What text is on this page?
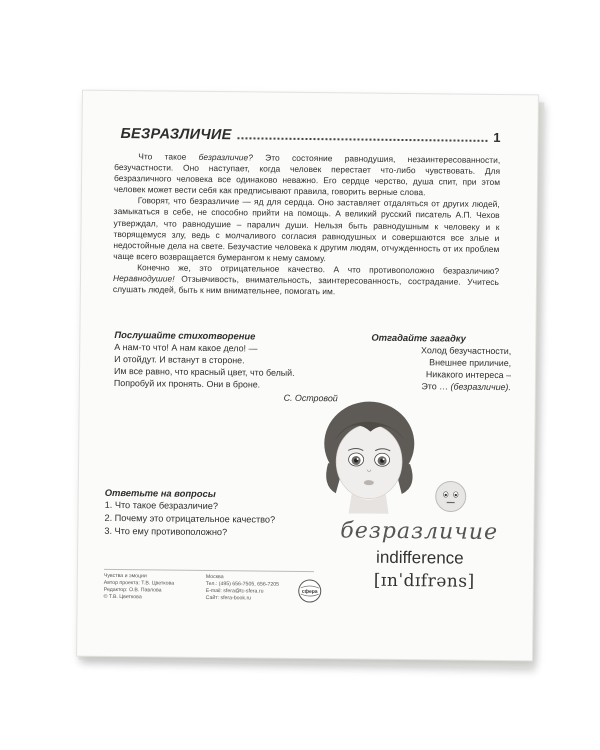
БЕЗРАЗЛИЧИЕ	1

Что такое безразличие? Это состояние равнодушия, незаинтересованности, безучастности. Оно наступает, когда человек перестает что-либо чувствовать. Для безразличного человека все одинаково неважно. Его сердце черство, душа спит, при этом человек может вести себя как предписывают правила, говорить верные слова.

Говорят, что безразличие — яд для сердца. Оно заставляет отдаляться от других людей, замыкаться в себе, не способно прийти на помощь. А великий русский писатель А.П. Чехов утверждал, что равнодушие – паралич души. Нельзя быть равнодушным к человеку и к творящемуся злу, ведь с молчаливого согласия равнодушных и совершаются все злые и недостойные дела на свете. Безучастие человека к другим людям, отчужденность от их проблем чаще всего возвращается бумерангом к нему самому.

Конечно же, это отрицательное качество. А что противоположно безразличию? Неравнодушие! Отзывчивость, внимательность, заинтересованность, сострадание. Учитесь слушать людей, быть к ним внимательнее, помогать им.

Послушайте стихотворение
А нам-то что! А нам какое дело! —
И отойдут. И встанут в стороне.
Им все равно, что красный цвет, что белый.
Попробуй их пронять. Они в броне.
С. Островой
Отгадайте загадку
Холод безучастности,
Внешнее приличие,
Никакого интереса –
Это … (безразличие).
Ответьте на вопросы
1. Что такое безразличие?
2. Почему это отрицательное качество?
3. Что ему противоположно?	безразличие
indifference
[ɪnˈdɪfrəns]
Чувства и эмоции
Автор проекта: Т.В. Цветкова
Редактор: О.В. Павлова
© Т.В. Цветкова
Москва
Тел.: (495) 656-7505, 656-7205
E-mail: sfera@tc-sfera.ru
Сайт: sfera-book.ru
сфера
